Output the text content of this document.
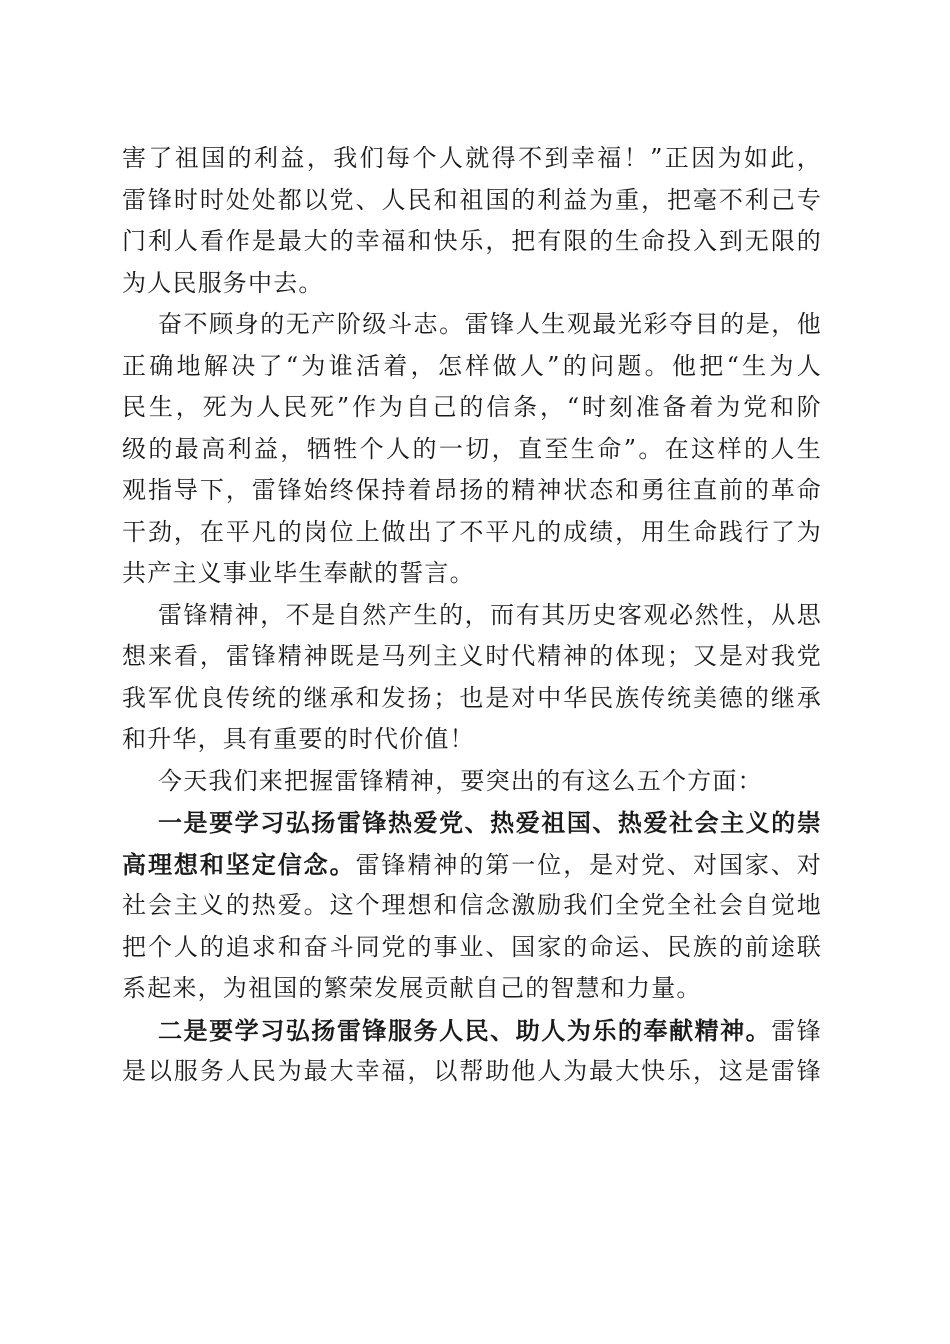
害了祖国的利益，我们每个人就得不到幸福！”正因为如此，
雷锋时时处处都以党、人民和祖国的利益为重，把毫不利己专
门利人看作是最大的幸福和快乐，把有限的生命投入到无限的
为人民服务中去。
奋不顾身的无产阶级斗志。雷锋人生观最光彩夺目的是，他
正确地解决了“为谁活着，怎样做人”的问题。他把“生为人
民生，死为人民死”作为自己的信条，“时刻准备着为党和阶
级的最高利益，牺牲个人的一切，直至生命”。在这样的人生
观指导下，雷锋始终保持着昂扬的精神状态和勇往直前的革命
干劲，在平凡的岗位上做出了不平凡的成绩，用生命践行了为
共产主义事业毕生奉献的誓言。
雷锋精神，不是自然产生的，而有其历史客观必然性，从思
想来看，雷锋精神既是马列主义时代精神的体现；又是对我党
我军优良传统的继承和发扬；也是对中华民族传统美德的继承
和升华，具有重要的时代价值！
今天我们来把握雷锋精神，要突出的有这么五个方面：
一是要学习弘扬雷锋热爱党、热爱祖国、热爱社会主义的崇
高理想和坚定信念。雷锋精神的第一位，是对党、对国家、对
社会主义的热爱。这个理想和信念激励我们全党全社会自觉地
把个人的追求和奋斗同党的事业、国家的命运、民族的前途联
系起来，为祖国的繁荣发展贡献自己的智慧和力量。
二是要学习弘扬雷锋服务人民、助人为乐的奉献精神。雷锋
是以服务人民为最大幸福，以帮助他人为最大快乐，这是雷锋
